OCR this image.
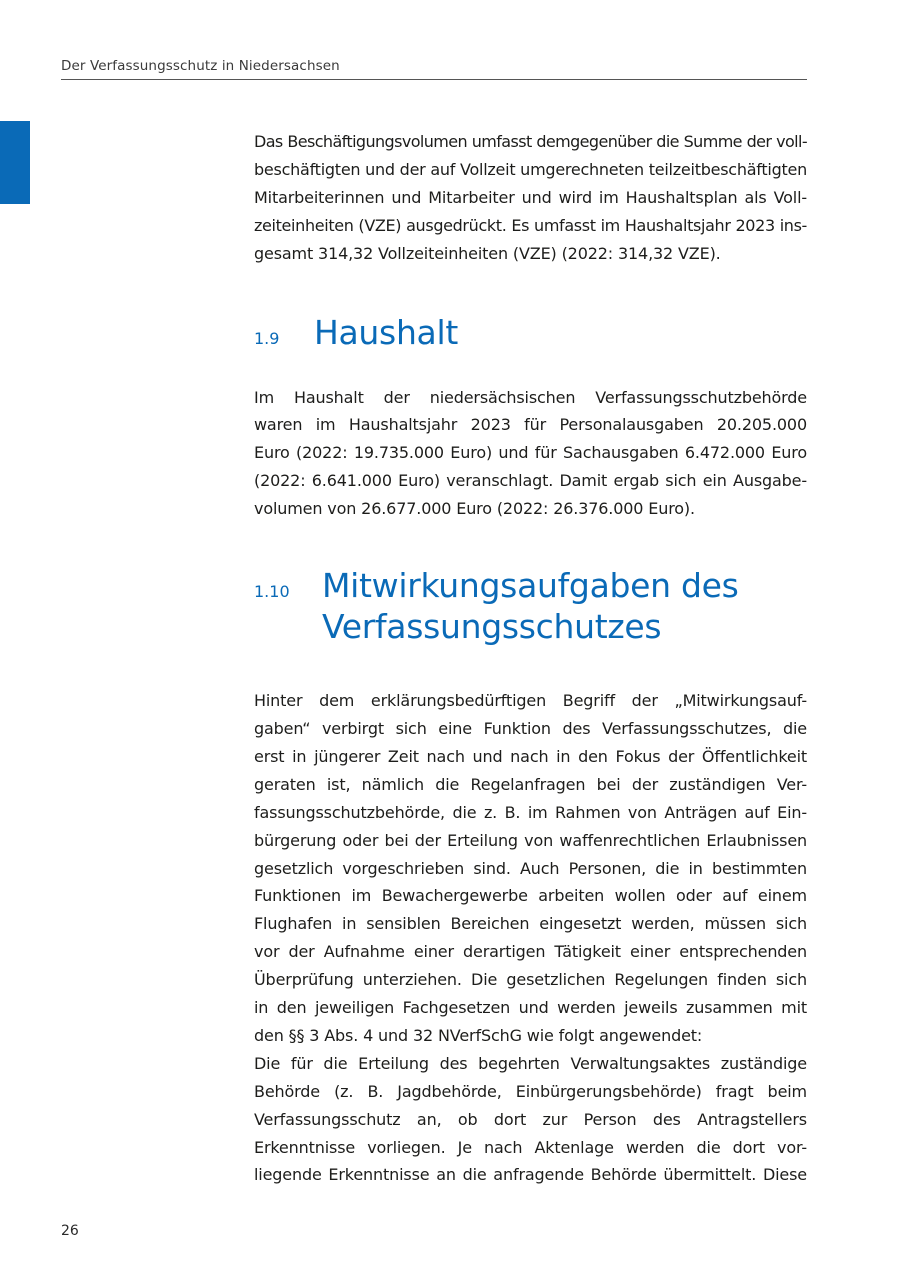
Der Verfassungsschutz in Niedersachsen

Das Beschäftigungsvolumen umfasst demgegenüber die Summe der voll-
beschäftigten und der auf Vollzeit umgerechneten teilzeitbeschäftigten
Mitarbeiterinnen und Mitarbeiter und wird im Haushaltsplan als Voll-
zeiteinheiten (VZE) ausgedrückt. Es umfasst im Haushaltsjahr 2023 ins-
gesamt 314,32 Vollzeiteinheiten (VZE) (2022: 314,32 VZE).

1.9	Haushalt

Im Haushalt der niedersächsischen Verfassungsschutzbehörde
waren im Haushaltsjahr 2023 für Personalausgaben 20.205.000
Euro (2022: 19.735.000 Euro) und für Sachausgaben 6.472.000 Euro
(2022: 6.641.000 Euro) veranschlagt. Damit ergab sich ein Ausgabe-
volumen von 26.677.000 Euro (2022: 26.376.000 Euro).

1.10 Mitwirkungsaufgaben des
Verfassungsschutzes

Hinter dem erklärungsbedürftigen Begriff der „Mitwirkungsauf-
gaben“ verbirgt sich eine Funktion des Verfassungsschutzes, die
erst in jüngerer Zeit nach und nach in den Fokus der Öffentlichkeit
geraten ist, nämlich die Regelanfragen bei der zuständigen Ver-
fassungsschutzbehörde, die z. B. im Rahmen von Anträgen auf Ein-
bürgerung oder bei der Erteilung von waffenrechtlichen Erlaubnissen
gesetzlich vorgeschrieben sind. Auch Personen, die in bestimmten
Funktionen im Bewachergewerbe arbeiten wollen oder auf einem
Flughafen in sensiblen Bereichen eingesetzt werden, müssen sich
vor der Aufnahme einer derartigen Tätigkeit einer entsprechenden
Überprüfung unterziehen. Die gesetzlichen Regelungen finden sich
in den jeweiligen Fachgesetzen und werden jeweils zusammen mit
den §§ 3 Abs. 4 und 32 NVerfSchG wie folgt angewendet:
Die für die Erteilung des begehrten Verwaltungsaktes zuständige
Behörde (z. B. Jagdbehörde, Einbürgerungsbehörde) fragt beim
Verfassungsschutz an, ob dort zur Person des Antragstellers
Erkenntnisse vorliegen. Je nach Aktenlage werden die dort vor-
liegende Erkenntnisse an die anfragende Behörde übermittelt. Diese

26
